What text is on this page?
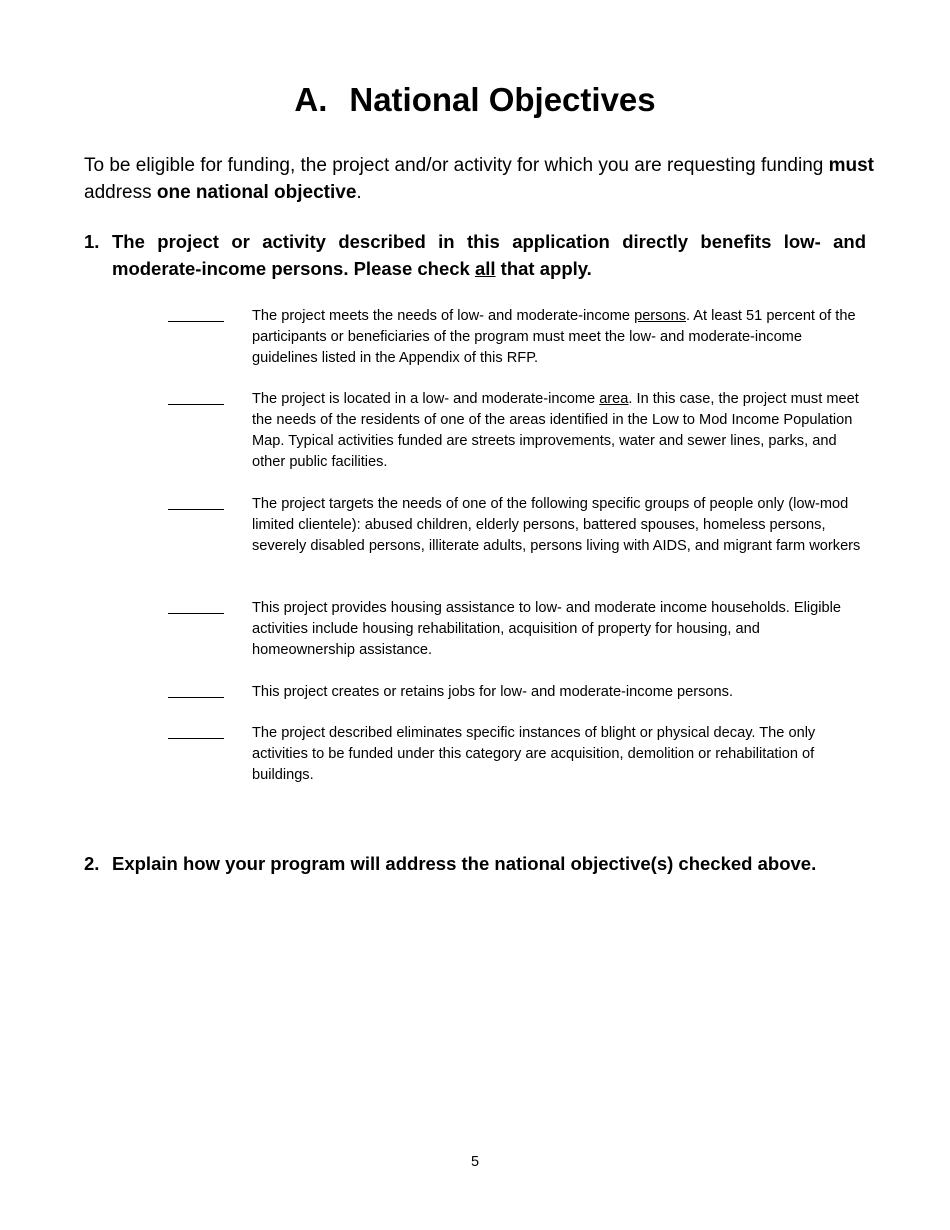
A. National Objectives
To be eligible for funding, the project and/or activity for which you are requesting funding must address one national objective.
1. The project or activity described in this application directly benefits low- and moderate-income persons. Please check all that apply.
The project meets the needs of low- and moderate-income persons. At least 51 percent of the participants or beneficiaries of the program must meet the low- and moderate-income guidelines listed in the Appendix of this RFP.
The project is located in a low- and moderate-income area. In this case, the project must meet the needs of the residents of one of the areas identified in the Low to Mod Income Population Map. Typical activities funded are streets improvements, water and sewer lines, parks, and other public facilities.
The project targets the needs of one of the following specific groups of people only (low-mod limited clientele): abused children, elderly persons, battered spouses, homeless persons, severely disabled persons, illiterate adults, persons living with AIDS, and migrant farm workers
This project provides housing assistance to low- and moderate income households. Eligible activities include housing rehabilitation, acquisition of property for housing, and homeownership assistance.
This project creates or retains jobs for low- and moderate-income persons.
The project described eliminates specific instances of blight or physical decay. The only activities to be funded under this category are acquisition, demolition or rehabilitation of buildings.
2. Explain how your program will address the national objective(s) checked above.
5
